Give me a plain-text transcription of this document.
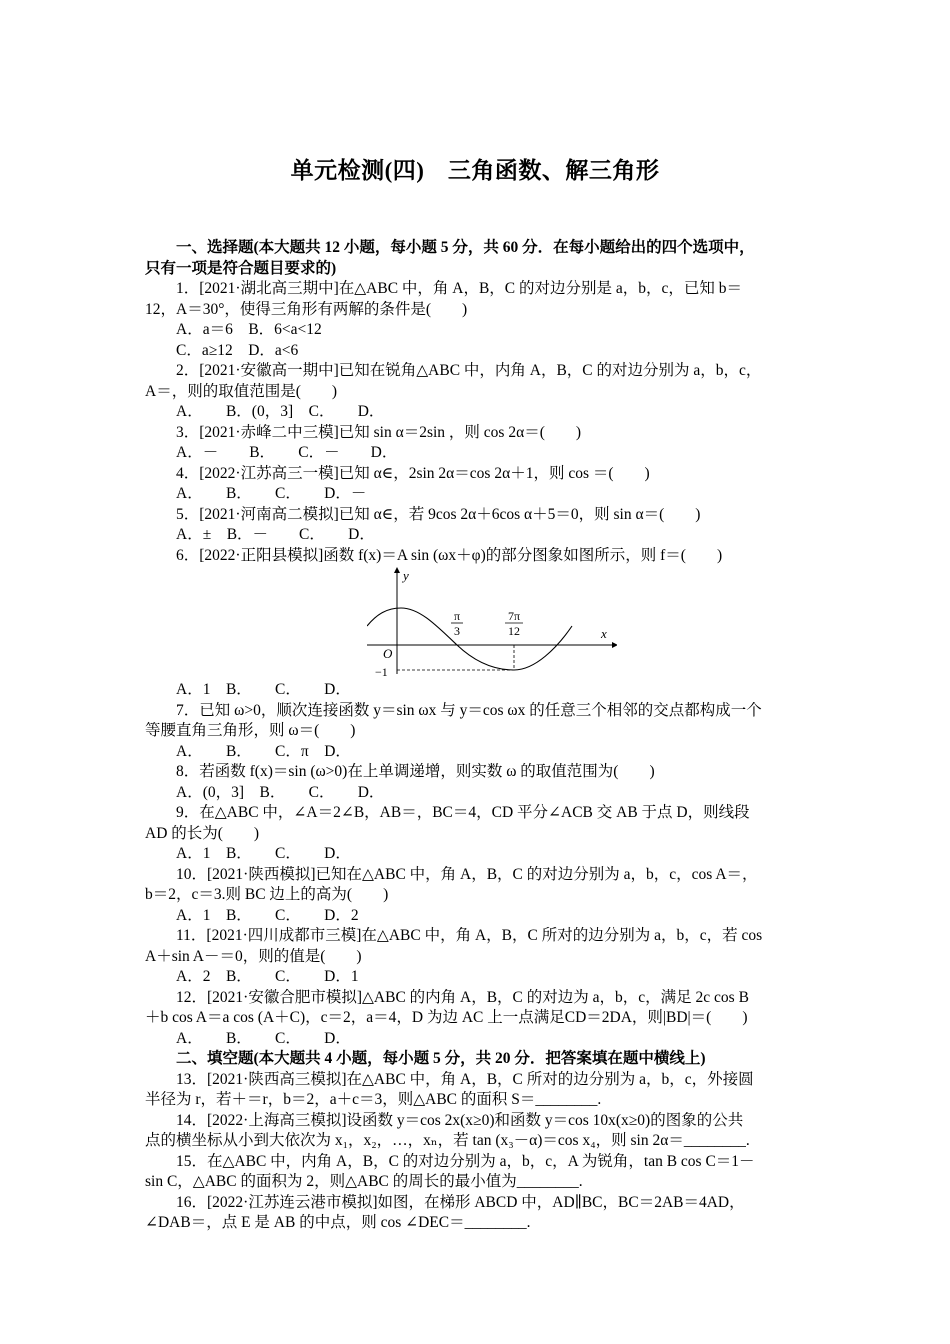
单元检测(四)　三角函数、解三角形
一、选择题(本大题共 12 小题，每小题 5 分，共 60 分．在每小题给出的四个选项中，
只有一项是符合题目要求的)
1．[2021·湖北高三期中]在△ABC 中，角 A，B，C 的对边分别是 a，b，c，已知 b＝
12，A＝30°，使得三角形有两解的条件是(　　)
A．a＝6　B．6<a<12
C．a≥12　D．a<6
2．[2021·安徽高一期中]已知在锐角△ABC 中，内角 A，B，C 的对边分别为 a，b，c，
A＝，则的取值范围是(　　)
A．　　B．(0，3]　C．　　D．
3．[2021·赤峰二中三模]已知 sin α＝2sin ，则 cos 2α＝(　　)
A．－　　B．　　C．－　　D．
4．[2022·江苏高三一模]已知 α∈，2sin 2α＝cos 2α＋1，则 cos ＝(　　)
A．　　B．　　C．　　D．－
5．[2021·河南高二模拟]已知 α∈，若 9cos 2α＋6cos α＋5＝0，则 sin α＝(　　)
A．±　B．－　　C．　　D．
6．[2022·正阳县模拟]函数 f(x)＝A sin (ωx＋φ)的部分图象如图所示，则 f＝(　　)
y
x
O
−1
π
3
7π
12
A．1　B．　　C．　　D．
7．已知 ω>0，顺次连接函数 y＝sin ωx 与 y＝cos ωx 的任意三个相邻的交点都构成一个
等腰直角三角形，则 ω＝(　　)
A．　　B．　　C．π　D．
8．若函数 f(x)＝sin (ω>0)在上单调递增，则实数 ω 的取值范围为(　　)
A．(0，3]　B．　　C．　　D．
9．在△ABC 中，∠A＝2∠B，AB＝，BC＝4，CD 平分∠ACB 交 AB 于点 D，则线段
AD 的长为(　　)
A．1　B．　　C．　　D．
10．[2021·陕西模拟]已知在△ABC 中，角 A，B，C 的对边分别为 a，b，c，cos A＝，
b＝2，c＝3.则 BC 边上的高为(　　)
A．1　B．　　C．　　D．2
11．[2021·四川成都市三模]在△ABC 中，角 A，B，C 所对的边分别为 a，b，c，若 cos
A＋sin A－＝0，则的值是(　　)
A．2　B．　　C．　　D．1
12．[2021·安徽合肥市模拟]△ABC 的内角 A，B，C 的对边为 a，b，c，满足 2c cos B
＋b cos A＝a cos (A＋C)，c＝2，a＝4，D 为边 AC 上一点满足CD＝2DA，则|BD|＝(　　)
A．　　B．　　C．　　D．
二、填空题(本大题共 4 小题，每小题 5 分，共 20 分．把答案填在题中横线上)
13．[2021·陕西高三模拟]在△ABC 中，角 A，B，C 所对的边分别为 a，b，c，外接圆
半径为 r，若＋＝r，b＝2，a＋c＝3，则△ABC 的面积 S＝________.
14．[2022·上海高三模拟]设函数 y＝cos 2x(x≥0)和函数 y＝cos 10x(x≥0)的图象的公共
点的横坐标从小到大依次为 x₁，x₂，…，xₙ，若 tan (x₃－α)＝cos x₄，则 sin 2α＝________.
15．在△ABC 中，内角 A，B，C 的对边分别为 a，b，c，A 为锐角，tan B cos C＝1－
sin C，△ABC 的面积为 2，则△ABC 的周长的最小值为________.
16．[2022·江苏连云港市模拟]如图，在梯形 ABCD 中，AD∥BC，BC＝2AB＝4AD，
∠DAB＝，点 E 是 AB 的中点，则 cos ∠DEC＝________.
